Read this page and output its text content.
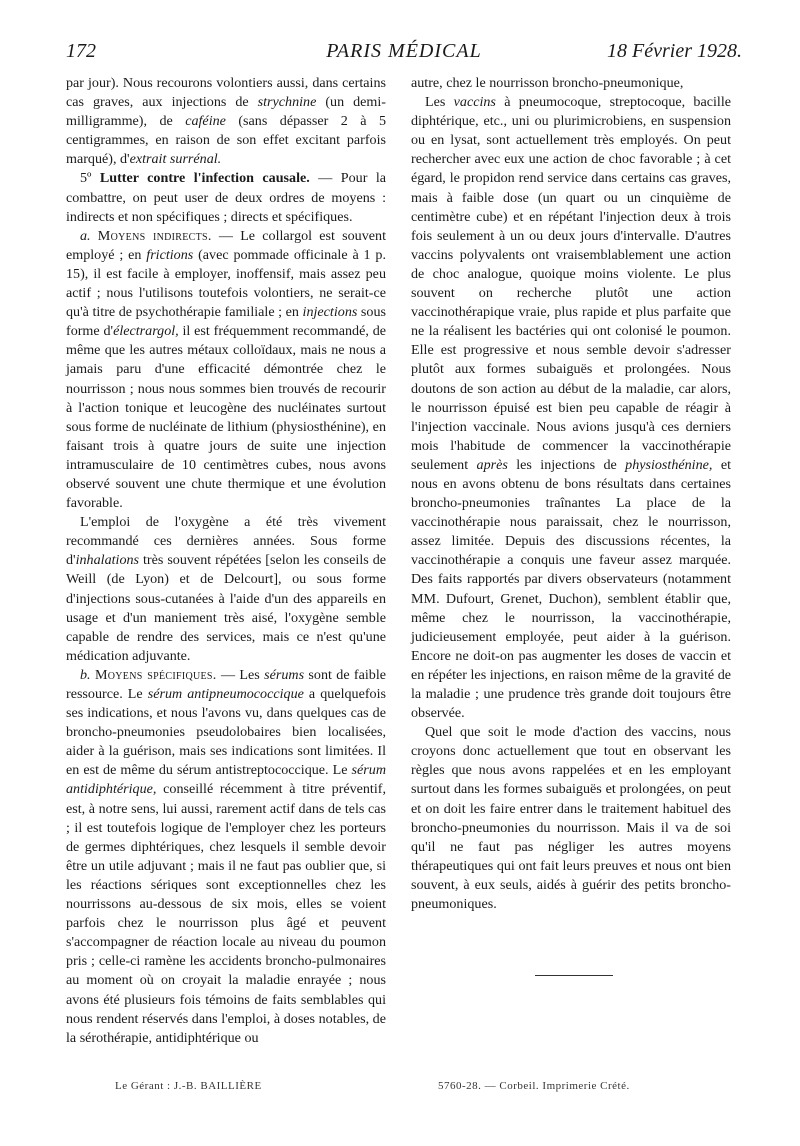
172	PARIS MÉDICAL	18 Février 1928.

par jour). Nous recourons volontiers aussi, dans certains cas graves, aux injections de strychnine (un demi-milligramme), de caféine (sans dépasser 2 à 5 centigrammes, en raison de son effet excitant parfois marqué), d'extrait surrénal.

5º Lutter contre l'infection causale. — Pour la combattre, on peut user de deux ordres de moyens : indirects et non spécifiques ; directs et spécifiques.

a. Moyens indirects. — Le collargol est souvent employé ; en frictions (avec pommade officinale à 1 p. 15), il est facile à employer, inoffensif, mais assez peu actif ; nous l'utilisons toutefois volontiers, ne serait-ce qu'à titre de psychothérapie familiale ; en injections sous forme d'électrargol, il est fréquemment recommandé, de même que les autres métaux colloïdaux, mais ne nous a jamais paru d'une efficacité démontrée chez le nourrisson ; nous nous sommes bien trouvés de recourir à l'action tonique et leucogène des nucléinates surtout sous forme de nucléinate de lithium (physiosthénine), en faisant trois à quatre jours de suite une injection intramusculaire de 10 centimètres cubes, nous avons observé souvent une chute thermique et une évolution favorable.

L'emploi de l'oxygène a été très vivement recommandé ces dernières années. Sous forme d'inhalations très souvent répétées [selon les conseils de Weill (de Lyon) et de Delcourt], ou sous forme d'injections sous-cutanées à l'aide d'un des appareils en usage et d'un maniement très aisé, l'oxygène semble capable de rendre des services, mais ce n'est qu'une médication adjuvante.

b. Moyens spécifiques. — Les sérums sont de faible ressource. Le sérum antipneumococcique a quelquefois ses indications, et nous l'avons vu, dans quelques cas de broncho-pneumonies pseudolobaires bien localisées, aider à la guérison, mais ses indications sont limitées. Il en est de même du sérum antistreptococcique. Le sérum antidiphtérique, conseillé récemment à titre préventif, est, à notre sens, lui aussi, rarement actif dans de tels cas ; il est toutefois logique de l'employer chez les porteurs de germes diphtériques, chez lesquels il semble devoir être un utile adjuvant ; mais il ne faut pas oublier que, si les réactions sériques sont exceptionnelles chez les nourrissons au-dessous de six mois, elles se voient parfois chez le nourrisson plus âgé et peuvent s'accompagner de réaction locale au niveau du poumon pris ; celle-ci ramène les accidents broncho-pulmonaires au moment où on croyait la maladie enrayée ; nous avons été plusieurs fois témoins de faits semblables qui nous rendent réservés dans l'emploi, à doses notables, de la sérothérapie, antidiphtérique ou

autre, chez le nourrisson broncho-pneumonique,

Les vaccins à pneumocoque, streptocoque, bacille diphtérique, etc., uni ou plurimicrobiens, en suspension ou en lysat, sont actuellement très employés. On peut rechercher avec eux une action de choc favorable ; à cet égard, le propidon rend service dans certains cas graves, mais à faible dose (un quart ou un cinquième de centimètre cube) et en répétant l'injection deux à trois fois seulement à un ou deux jours d'intervalle. D'autres vaccins polyvalents ont vraisemblablement une action de choc analogue, quoique moins violente. Le plus souvent on recherche plutôt une action vaccinothérapique vraie, plus rapide et plus parfaite que ne la réalisent les bactéries qui ont colonisé le poumon. Elle est progressive et nous semble devoir s'adresser plutôt aux formes subaiguës et prolongées. Nous doutons de son action au début de la maladie, car alors, le nourrisson épuisé est bien peu capable de réagir à l'injection vaccinale. Nous avions jusqu'à ces derniers mois l'habitude de commencer la vaccinothérapie seulement après les injections de physiosthénine, et nous en avons obtenu de bons résultats dans certaines broncho-pneumonies traînantes La place de la vaccinothérapie nous paraissait, chez le nourrisson, assez limitée. Depuis des discussions récentes, la vaccinothérapie a conquis une faveur assez marquée. Des faits rapportés par divers observateurs (notamment MM. Dufourt, Grenet, Duchon), semblent établir que, même chez le nourrisson, la vaccinothérapie, judicieusement employée, peut aider à la guérison. Encore ne doit-on pas augmenter les doses de vaccin et en répéter les injections, en raison même de la gravité de la maladie ; une prudence très grande doit toujours être observée.

Quel que soit le mode d'action des vaccins, nous croyons donc actuellement que tout en observant les règles que nous avons rappelées et en les employant surtout dans les formes subaiguës et prolongées, on peut et on doit les faire entrer dans le traitement habituel des broncho-pneumonies du nourrisson. Mais il va de soi qu'il ne faut pas négliger les autres moyens thérapeutiques qui ont fait leurs preuves et nous ont bien souvent, à eux seuls, aidés à guérir des petits broncho-pneumoniques.

Le Gérant : J.-B. BAILLIÈRE	5760-28. — Corbeil. Imprimerie Crété.
